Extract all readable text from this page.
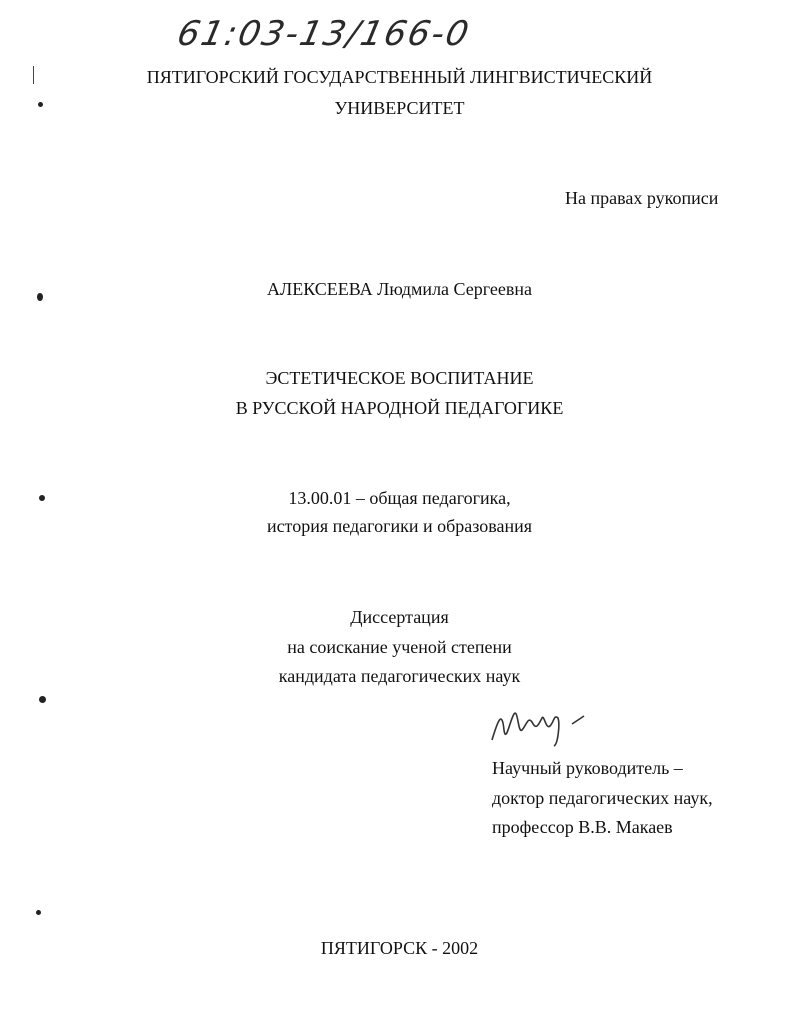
61:03-13/166-0
ПЯТИГОРСКИЙ ГОСУДАРСТВЕННЫЙ ЛИНГВИСТИЧЕСКИЙ
УНИВЕРСИТЕТ
На правах рукописи
АЛЕКСЕЕВА Людмила Сергеевна
ЭСТЕТИЧЕСКОЕ ВОСПИТАНИЕ
В РУССКОЙ НАРОДНОЙ ПЕДАГОГИКЕ
13.00.01 – общая педагогика,
история педагогики и образования
Диссертация
на соискание ученой степени
кандидата педагогических наук
Научный руководитель –
доктор педагогических наук,
профессор В.В. Макаев
ПЯТИГОРСК - 2002
